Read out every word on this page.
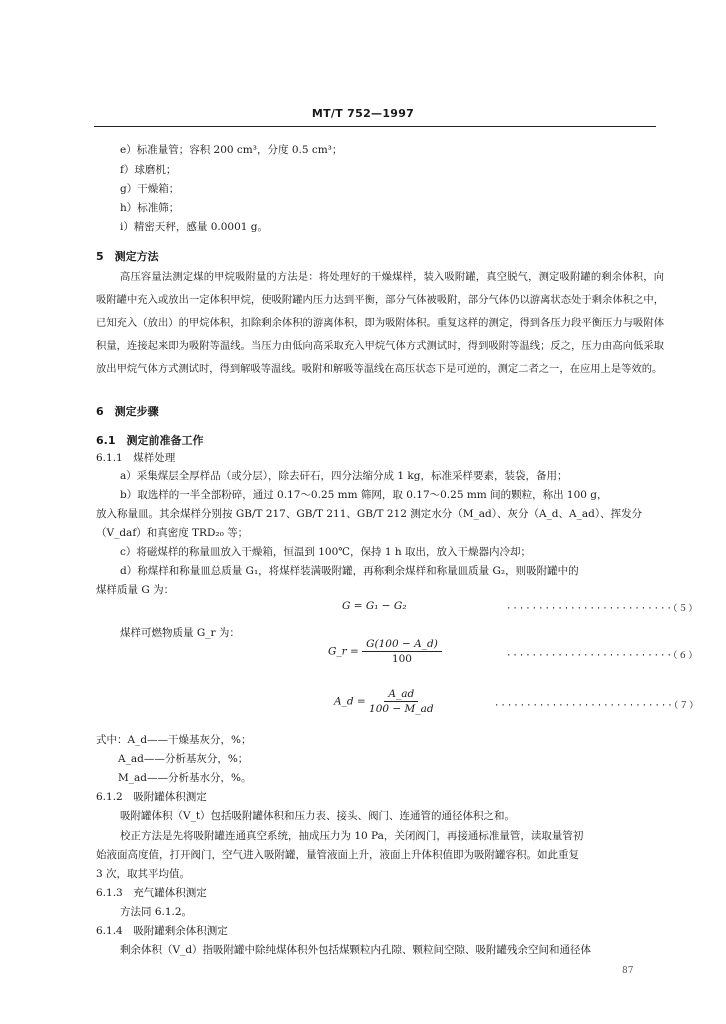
MT/T 752—1997
e）标准量管；容积 200 cm³，分度 0.5 cm³；
f）球磨机；
g）干燥箱；
h）标准筛；
i）精密天秤，感量 0.0001 g。
5　测定方法
高压容量法测定煤的甲烷吸附量的方法是：将处理好的干燥煤样，装入吸附罐，真空脱气，测定吸附罐的剩余体积，向吸附罐中充入或放出一定体积甲烷，使吸附罐内压力达到平衡，部分气体被吸附，部分气体仍以游离状态处于剩余体积之中，已知充入（放出）的甲烷体积，扣除剩余体积的游离体积，即为吸附体积。重复这样的测定，得到各压力段平衡压力与吸附体积量，连接起来即为吸附等温线。当压力由低向高采取充入甲烷气体方式测试时，得到吸附等温线；反之，压力由高向低采取放出甲烷气体方式测试时，得到解吸等温线。吸附和解吸等温线在高压状态下是可逆的，测定二者之一，在应用上是等效的。
6　测定步骤
6.1　测定前准备工作
6.1.1　煤样处理
a）采集煤层全厚样品（或分层），除去矸石，四分法缩分成 1 kg，标准采样要素，装袋，备用；
b）取选样的一半全部粉碎，通过 0.17～0.25 mm 筛网，取 0.17～0.25 mm 间的颗粒，称出 100 g，
放入称量皿。其余煤样分别按 GB/T 217、GB/T 211、GB/T 212 测定水分（M_ad）、灰分（A_d、A_ad）、挥发分
（V_daf）和真密度 TRD₂₀ 等；
c）将磁煤样的称量皿放入干燥箱，恒温到 100℃，保持 1 h 取出，放入干燥器内冷却；
d）称煤样和称量皿总质量 G₁，将煤样装满吸附罐，再称剩余煤样和称量皿质量 G₂，则吸附罐中的
煤样质量 G 为：
G = G₁ − G₂	··························（５）
煤样可燃物质量 G_r 为：
G_r = $\frac{G(100 - A\_d)}{100}$	··························（６）
A_d = $\frac{A\_ad}{100 - M\_ad}$	····························（７）
式中：A_d——干燥基灰分，%；
A_ad——分析基灰分，%；
M_ad——分析基水分，%。
6.1.2　吸附罐体积测定
吸附罐体积（V_t）包括吸附罐体积和压力表、接头、阀门、连通管的通径体积之和。
校正方法是先将吸附罐连通真空系统，抽成压力为 10 Pa，关闭阀门，再接通标准量管，读取量管初
始液面高度值，打开阀门，空气进入吸附罐，量管液面上升，液面上升体积值即为吸附罐容积。如此重复
3 次，取其平均值。
6.1.3　充气罐体积测定
方法同 6.1.2。
6.1.4　吸附罐剩余体积测定
剩余体积（V_d）指吸附罐中除纯煤体积外包括煤颗粒内孔隙、颗粒间空隙、吸附罐残余空间和通径体
87
